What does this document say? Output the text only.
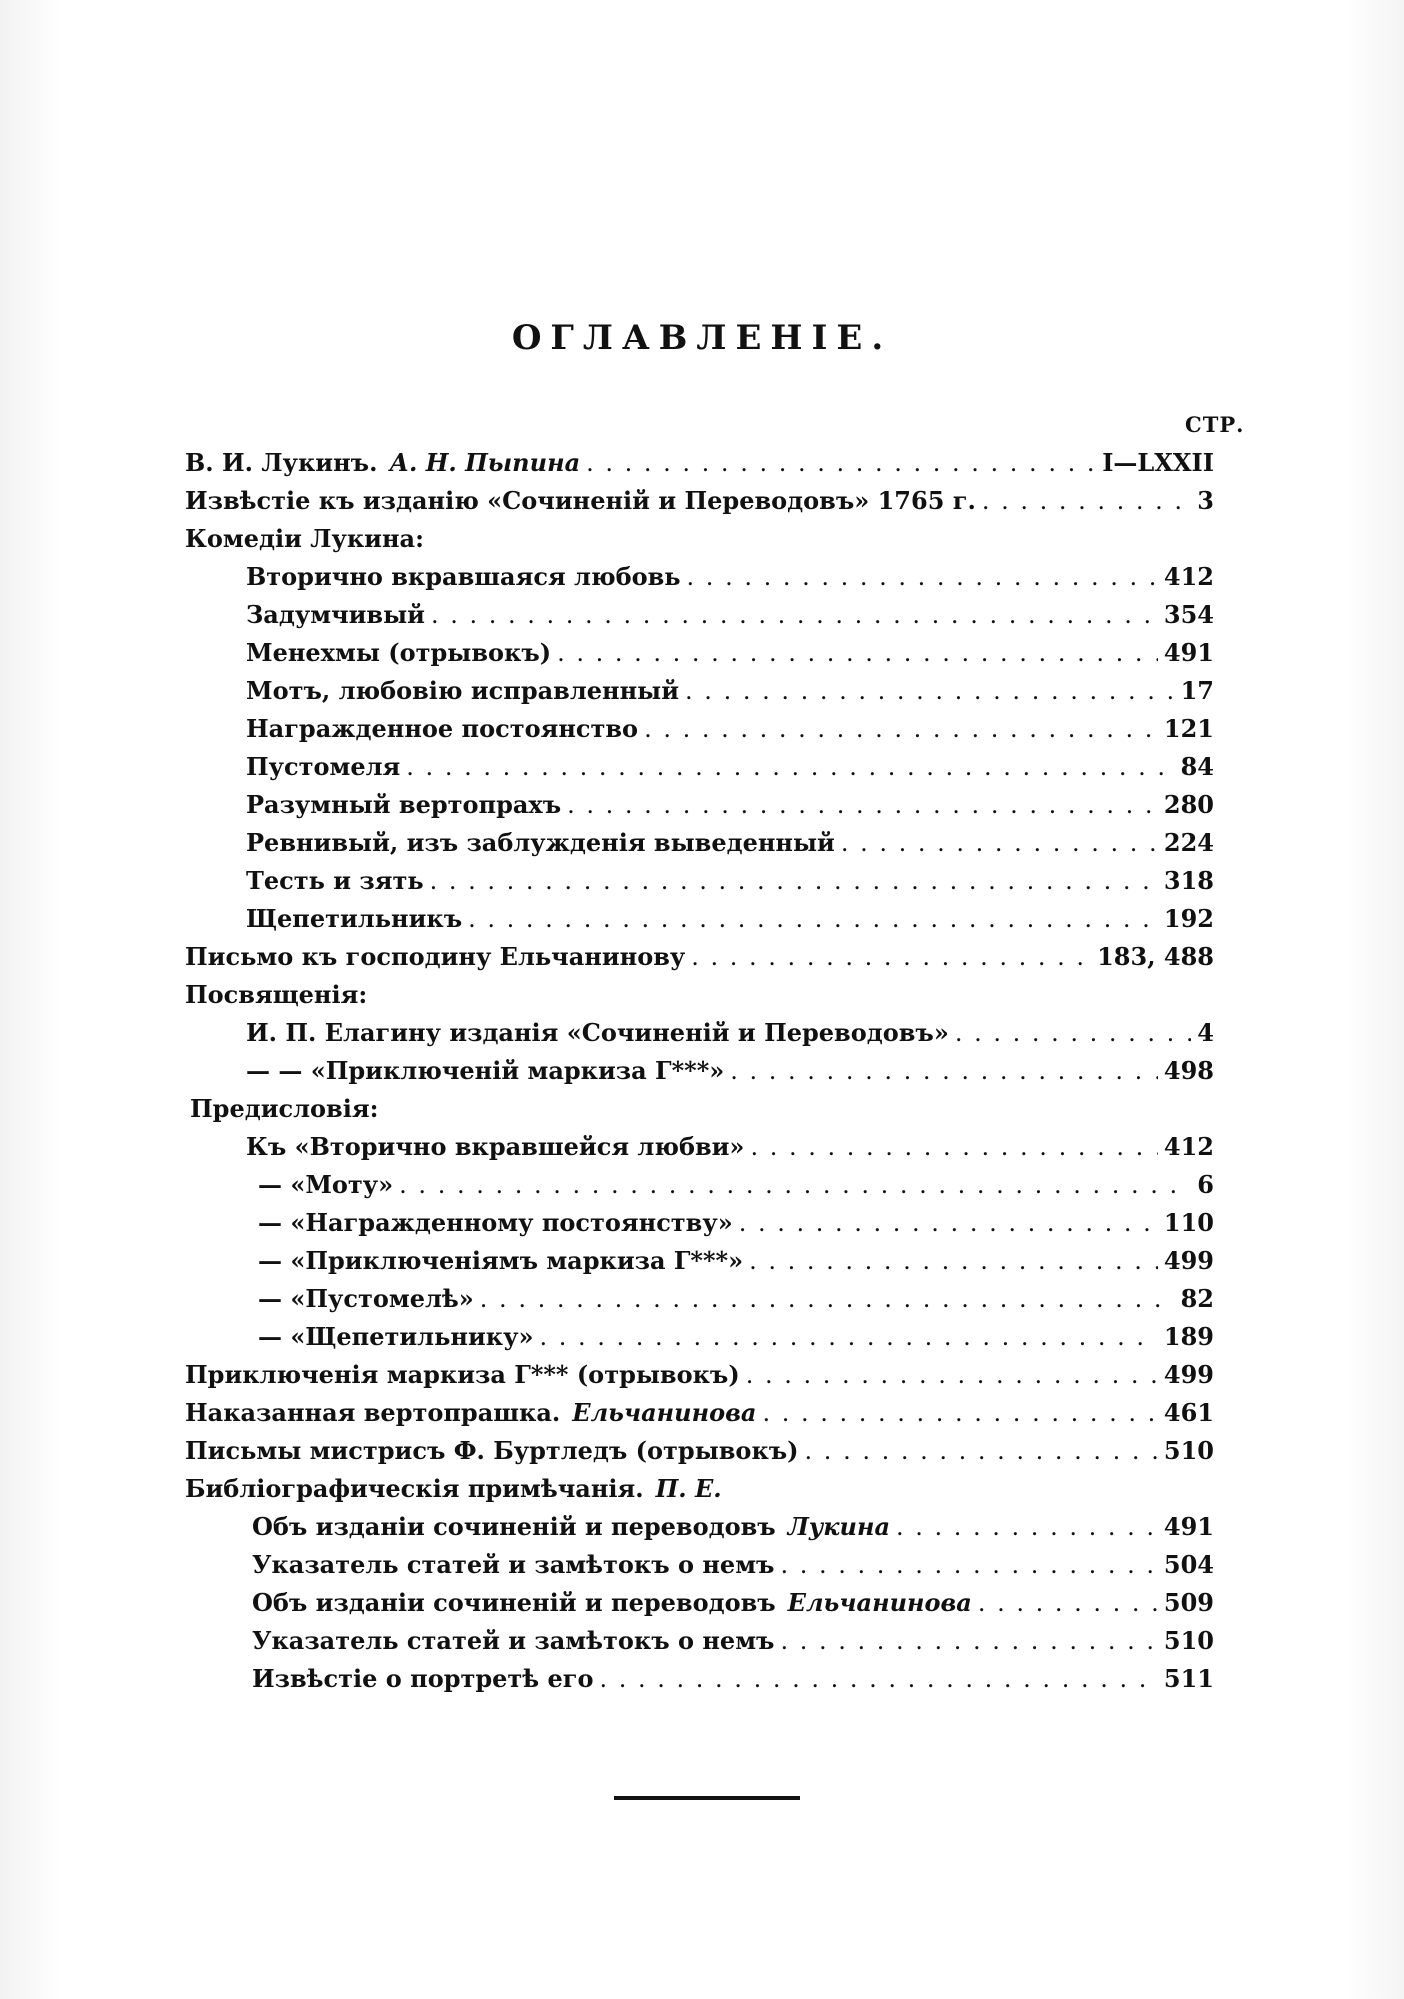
ОГЛАВЛЕНІЕ.
СТР.
В. И. Лукинъ. А. Н. Пыпина . . .	I—LXXII
Извѣстіе къ изданію «Сочиненій и Переводовъ» 1765 г. . . .	3
Комедіи Лукина:
Вторично вкравшаяся любовь . . .	412
Задумчивый . . .	354
Менехмы (отрывокъ) . . .	491
Мотъ, любовію исправленный . . .	17
Награжденное постоянство . . .	121
Пустомеля . . .	84
Разумный вертопрахъ . . .	280
Ревнивый, изъ заблужденія выведенный . . .	224
Тесть и зять . . .	318
Щепетильникъ . . .	192
Письмо къ господину Ельчанинову . . .	183, 488
Посвященія:
И. П. Елагину изданія «Сочиненій и Переводовъ» . . .	4
— — «Приключеній маркиза Г***» . . .	498
Предисловія:
Къ «Вторично вкравшейся любви» . . .	412
— «Моту» . . .	6
— «Награжденному постоянству» . . .	110
— «Приключеніямъ маркиза Г***» . . .	499
— «Пустомелѣ» . . .	82
— «Щепетильнику» . . .	189
Приключенія маркиза Г*** (отрывокъ) . . .	499
Наказанная вертопрашка. Ельчанинова . . .	461
Письмы мистрисъ Ф. Буртледъ (отрывокъ) . . .	510
Библіографическія примѣчанія. П. Е.
Объ изданіи сочиненій и переводовъ Лукина . . .	491
Указатель статей и замѣтокъ о немъ . . .	504
Объ изданіи сочиненій и переводовъ Ельчанинова . . .	509
Указатель статей и замѣтокъ о немъ . . .	510
Извѣстіе о портретѣ его . . .	511
